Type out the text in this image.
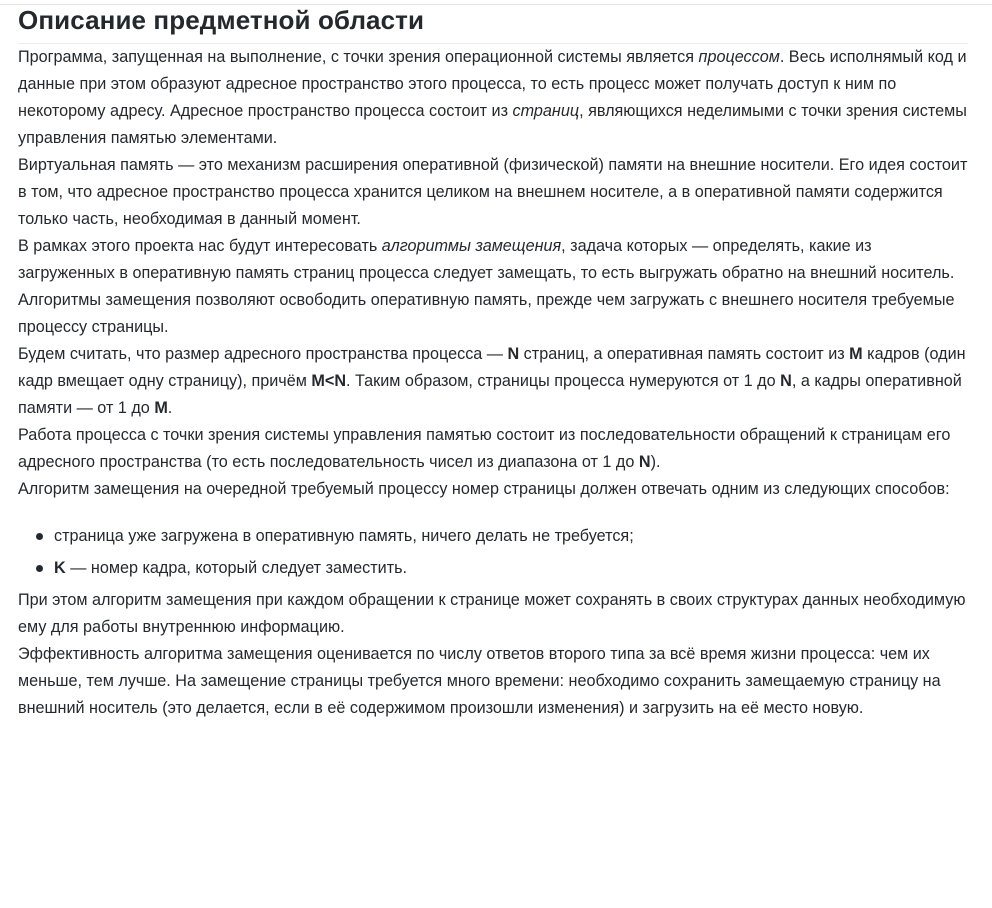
Описание предметной области

Программа, запущенная на выполнение, с точки зрения операционной системы является процессом. Весь исполнямый код и данные при этом образуют адресное пространство этого процесса, то есть процесс может получать доступ к ним по некоторому адресу. Адресное пространство процесса состоит из страниц, являющихся неделимыми с точки зрения системы управления памятью элементами.

Виртуальная память — это механизм расширения оперативной (физической) памяти на внешние носители. Его идея состоит в том, что адресное пространство процесса хранится целиком на внешнем носителе, а в оперативной памяти содержится только часть, необходимая в данный момент.

В рамках этого проекта нас будут интересовать алгоритмы замещения, задача которых — определять, какие из загруженных в оперативную память страниц процесса следует замещать, то есть выгружать обратно на внешний носитель. Алгоритмы замещения позволяют освободить оперативную память, прежде чем загружать с внешнего носителя требуемые процессу страницы.

Будем считать, что размер адресного пространства процесса — N страниц, а оперативная память состоит из M кадров (один кадр вмещает одну страницу), причём M<N. Таким образом, страницы процесса нумеруются от 1 до N, а кадры оперативной памяти — от 1 до M.

Работа процесса с точки зрения системы управления памятью состоит из последовательности обращений к страницам его адресного пространства (то есть последовательность чисел из диапазона от 1 до N).

Алгоритм замещения на очередной требуемый процессу номер страницы должен отвечать одним из следующих способов:

страница уже загружена в оперативную память, ничего делать не требуется;
K — номер кадра, который следует заместить.

При этом алгоритм замещения при каждом обращении к странице может сохранять в своих структурах данных необходимую ему для работы внутреннюю информацию.

Эффективность алгоритма замещения оценивается по числу ответов второго типа за всё время жизни процесса: чем их меньше, тем лучше. На замещение страницы требуется много времени: необходимо сохранить замещаемую страницу на внешний носитель (это делается, если в её содержимом произошли изменения) и загрузить на её место новую.
